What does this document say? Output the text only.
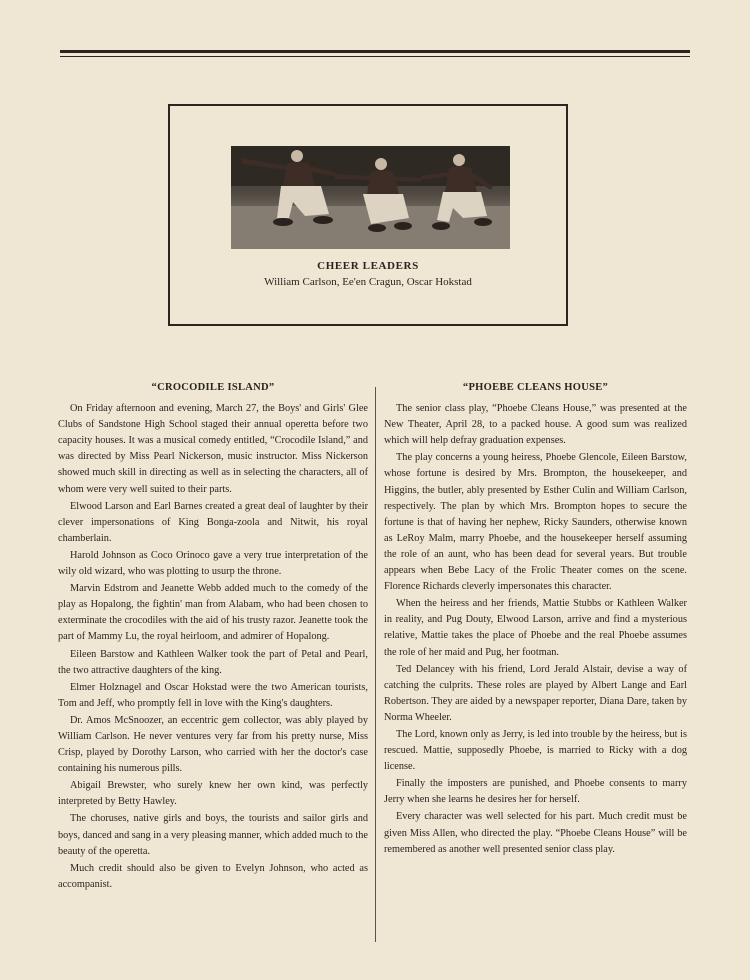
CHEER LEADERS
William Carlson, Ee'en Cragun, Oscar Hokstad
“CROCODILE ISLAND”

On Friday afternoon and evening, March 27, the Boys' and Girls' Glee Clubs of Sandstone High School staged their annual operetta before two capacity houses. It was a musical comedy entitled, “Crocodile Island,” and was directed by Miss Pearl Nickerson, music instructor. Miss Nickerson showed much skill in directing as well as in selecting the characters, all of whom were very well suited to their parts.

Elwood Larson and Earl Barnes created a great deal of laughter by their clever impersonations of King Bonga-zoola and Nitwit, his royal chamberlain.

Harold Johnson as Coco Orinoco gave a very true interpretation of the wily old wizard, who was plotting to usurp the throne.

Marvin Edstrom and Jeanette Webb added much to the comedy of the play as Hopalong, the fightin' man from Alabam, who had been chosen to exterminate the crocodiles with the aid of his trusty razor. Jeanette took the part of Mammy Lu, the royal heirloom, and admirer of Hopalong.

Eileen Barstow and Kathleen Walker took the part of Petal and Pearl, the two attractive daughters of the king.

Elmer Holznagel and Oscar Hokstad were the two American tourists, Tom and Jeff, who promptly fell in love with the King's daughters.

Dr. Amos McSnoozer, an eccentric gem collector, was ably played by William Carlson. He never ventures very far from his pretty nurse, Miss Crisp, played by Dorothy Larson, who carried with her the doctor's case containing his numerous pills.

Abigail Brewster, who surely knew her own kind, was perfectly interpreted by Betty Hawley.

The choruses, native girls and boys, the tourists and sailor girls and boys, danced and sang in a very pleasing manner, which added much to the beauty of the operetta.

Much credit should also be given to Evelyn Johnson, who acted as accompanist.

“PHOEBE CLEANS HOUSE”

The senior class play, “Phoebe Cleans House,” was presented at the New Theater, April 28, to a packed house. A good sum was realized which will help defray graduation expenses.

The play concerns a young heiress, Phoebe Glencole, Eileen Barstow, whose fortune is desired by Mrs. Brompton, the housekeeper, and Higgins, the butler, ably presented by Esther Culin and William Carlson, respectively. The plan by which Mrs. Brompton hopes to secure the fortune is that of having her nephew, Ricky Saunders, otherwise known as LeRoy Malm, marry Phoebe, and the housekeeper herself assuming the role of an aunt, who has been dead for several years. But trouble appears when Bebe Lacy of the Frolic Theater comes on the scene. Florence Richards cleverly impersonates this character.

When the heiress and her friends, Mattie Stubbs or Kathleen Walker in reality, and Pug Douty, Elwood Larson, arrive and find a mysterious relative, Mattie takes the place of Phoebe and the real Phoebe assumes the role of her maid and Pug, her footman.

Ted Delancey with his friend, Lord Jerald Alstair, devise a way of catching the culprits. These roles are played by Albert Lange and Earl Robertson. They are aided by a newspaper reporter, Diana Dare, taken by Norma Wheeler.

The Lord, known only as Jerry, is led into trouble by the heiress, but is rescued. Mattie, supposedly Phoebe, is married to Ricky with a dog license.

Finally the imposters are punished, and Phoebe consents to marry Jerry when she learns he desires her for herself.

Every character was well selected for his part. Much credit must be given Miss Allen, who directed the play. “Phoebe Cleans House” will be remembered as another well presented senior class play.
